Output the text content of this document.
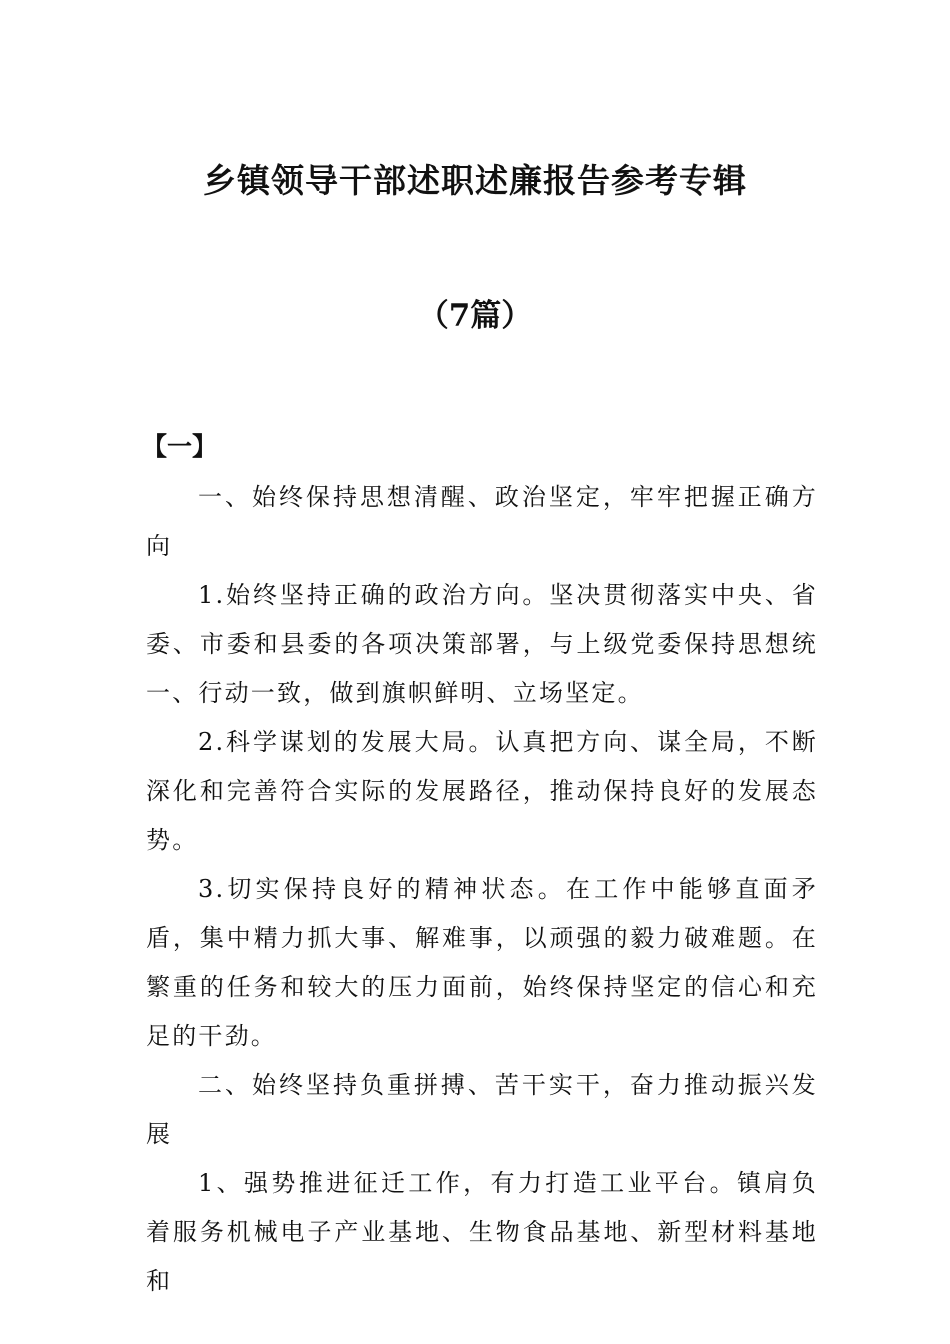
乡镇领导干部述职述廉报告参考专辑
（7篇）
【一】

一、始终保持思想清醒、政治坚定，牢牢把握正确方向

1.始终坚持正确的政治方向。坚决贯彻落实中央、省委、市委和县委的各项决策部署，与上级党委保持思想统一、行动一致，做到旗帜鲜明、立场坚定。

2.科学谋划的发展大局。认真把方向、谋全局，不断深化和完善符合实际的发展路径，推动保持良好的发展态势。

3.切实保持良好的精神状态。在工作中能够直面矛盾，集中精力抓大事、解难事，以顽强的毅力破难题。在繁重的任务和较大的压力面前，始终保持坚定的信心和充足的干劲。

二、始终坚持负重拼搏、苦干实干，奋力推动振兴发展

1、强势推进征迁工作，有力打造工业平台。镇肩负着服务机械电子产业基地、生物食品基地、新型材料基地和
